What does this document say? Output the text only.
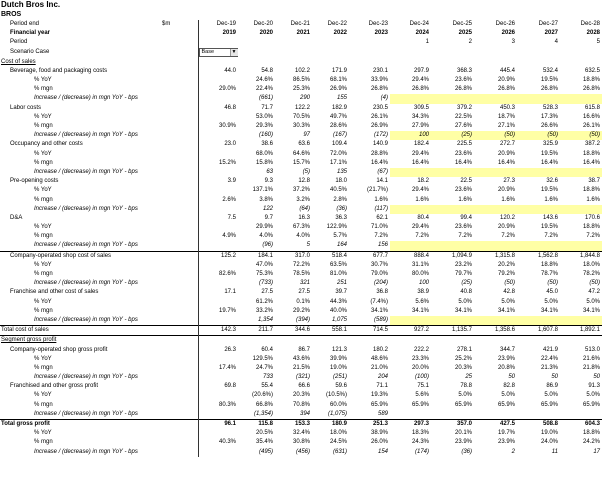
Dutch Bros Inc.
BROS
Period end	$m	Dec-19	Dec-20	Dec-21	Dec-22	Dec-23	Dec-24	Dec-25	Dec-26	Dec-27	Dec-28
Financial year		2019	2020	2021	2022	2023	2024	2025	2026	2027	2028
Period							1	2	3	4	5
Scenario Case		Base ▼									

Cost of sales											
Beverage, food and packaging costs		44.0	54.8	102.2	171.9	230.1	297.9	368.3	445.4	532.4	632.5
% YoY			24.6%	86.5%	68.1%	33.9%	29.4%	23.6%	20.9%	19.5%	18.8%
% mgn		29.0%	22.4%	25.3%	26.9%	26.8%	26.8%	26.8%	26.8%	26.8%	26.8%
Increase / (decrease) in mgn YoY - bps			(661)	290	155	(4)					
Labor costs		46.8	71.7	122.2	182.9	230.5	309.5	379.2	450.3	528.3	615.8
% YoY			53.0%	70.5%	49.7%	26.1%	34.3%	22.5%	18.7%	17.3%	16.6%
% mgn		30.9%	29.3%	30.3%	28.6%	26.9%	27.9%	27.6%	27.1%	26.6%	26.1%
Increase / (decrease) in mgn YoY - bps			(160)	97	(167)	(172)	100	(25)	(50)	(50)	(50)
Occupancy and other costs		23.0	38.6	63.6	109.4	140.9	182.4	225.5	272.7	325.9	387.2
% YoY			68.0%	64.6%	72.0%	28.8%	29.4%	23.6%	20.9%	19.5%	18.8%
% mgn		15.2%	15.8%	15.7%	17.1%	16.4%	16.4%	16.4%	16.4%	16.4%	16.4%
Increase / (decrease) in mgn YoY - bps			63	(5)	135	(67)					
Pre-opening costs		3.9	9.3	12.8	18.0	14.1	18.2	22.5	27.3	32.6	38.7
% YoY			137.1%	37.2%	40.5%	(21.7%)	29.4%	23.6%	20.9%	19.5%	18.8%
% mgn		2.6%	3.8%	3.2%	2.8%	1.6%	1.6%	1.6%	1.6%	1.6%	1.6%
Increase / (decrease) in mgn YoY - bps			122	(64)	(36)	(117)					
D&A		7.5	9.7	16.3	36.3	62.1	80.4	99.4	120.2	143.6	170.6
% YoY			29.9%	67.3%	122.9%	71.0%	29.4%	23.6%	20.9%	19.5%	18.8%
% mgn		4.9%	4.0%	4.0%	5.7%	7.2%	7.2%	7.2%	7.2%	7.2%	7.2%
Increase / (decrease) in mgn YoY - bps			(96)	5	164	156					
Company-operated shop cost of sales		125.2	184.1	317.0	518.4	677.7	888.4	1,094.9	1,315.8	1,562.8	1,844.8
% YoY			47.0%	72.2%	63.5%	30.7%	31.1%	23.2%	20.2%	18.8%	18.0%
% mgn		82.6%	75.3%	78.5%	81.0%	79.0%	80.0%	79.7%	79.2%	78.7%	78.2%
Increase / (decrease) in mgn YoY - bps			(733)	321	251	(204)	100	(25)	(50)	(50)	(50)
Franchise and other cost of sales		17.1	27.5	27.5	39.7	36.8	38.9	40.8	42.8	45.0	47.2
% YoY			61.2%	0.1%	44.3%	(7.4%)	5.6%	5.0%	5.0%	5.0%	5.0%
% mgn		19.7%	33.2%	29.2%	40.0%	34.1%	34.1%	34.1%	34.1%	34.1%	34.1%
Increase / (decrease) in mgn YoY - bps			1,354	(394)	1,075	(589)					
Total cost of sales		142.3	211.7	344.6	558.1	714.5	927.2	1,135.7	1,358.6	1,607.8	1,892.1
Segment gross profit											
Company-operated shop gross profit		26.3	60.4	86.7	121.3	180.2	222.2	278.1	344.7	421.9	513.0
% YoY			129.5%	43.6%	39.9%	48.6%	23.3%	25.2%	23.9%	22.4%	21.6%
% mgn		17.4%	24.7%	21.5%	19.0%	21.0%	20.0%	20.3%	20.8%	21.3%	21.8%
Increase / (decrease) in mgn YoY - bps			733	(321)	(251)	204	(100)	25	50	50	50
Franchised and other gross profit		69.8	55.4	66.6	59.6	71.1	75.1	78.8	82.8	86.9	91.3
% YoY			(20.6%)	20.3%	(10.5%)	19.3%	5.6%	5.0%	5.0%	5.0%	5.0%
% mgn		80.3%	66.8%	70.8%	60.0%	65.9%	65.9%	65.9%	65.9%	65.9%	65.9%
Increase / (decrease) in mgn YoY - bps			(1,354)	394	(1,075)	589					
Total gross profit		96.1	115.8	153.3	180.9	251.3	297.3	357.0	427.5	508.8	604.3
% YoY			20.5%	32.4%	18.0%	38.9%	18.3%	20.1%	19.7%	19.0%	18.8%
% mgn		40.3%	35.4%	30.8%	24.5%	26.0%	24.3%	23.9%	23.9%	24.0%	24.2%
Increase / (decrease) in mgn YoY - bps			(495)	(456)	(631)	154	(174)	(36)	2	11	17
